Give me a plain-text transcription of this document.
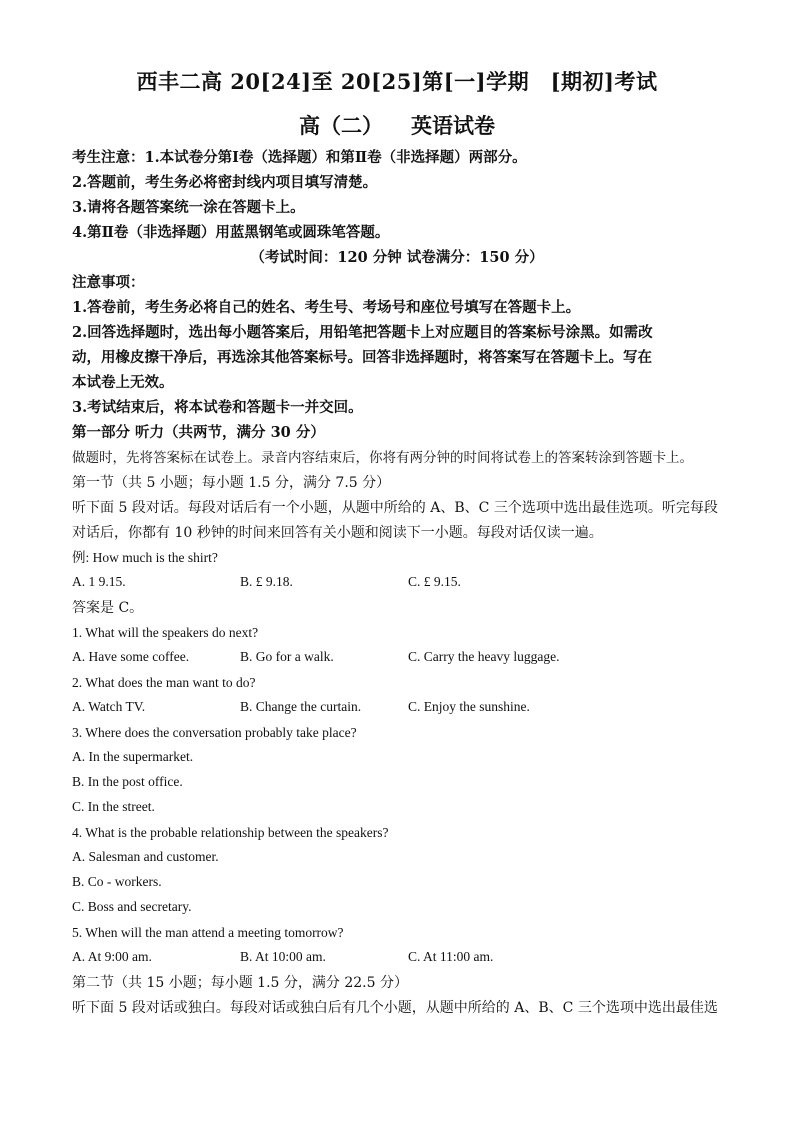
西丰二高 20[24]至 20[25]第[一]学期　[期初]考试
高（二） 英语试卷
考生注意：1.本试卷分第Ⅰ卷（选择题）和第Ⅱ卷（非选择题）两部分。
2.答题前，考生务必将密封线内项目填写清楚。
3.请将各题答案统一涂在答题卡上。
4.第Ⅱ卷（非选择题）用蓝黑钢笔或圆珠笔答题。
（考试时间：120 分钟 试卷满分：150 分）
注意事项：
1.答卷前，考生务必将自己的姓名、考生号、考场号和座位号填写在答题卡上。
2.回答选择题时，选出每小题答案后，用铅笔把答题卡上对应题目的答案标号涂黑。如需改
动，用橡皮擦干净后，再选涂其他答案标号。回答非选择题时，将答案写在答题卡上。写在
本试卷上无效。
3.考试结束后，将本试卷和答题卡一并交回。
第一部分 听力（共两节，满分 30 分）
做题时，先将答案标在试卷上。录音内容结束后，你将有两分钟的时间将试卷上的答案转涂到答题卡上。
第一节（共 5 小题；每小题 1.5 分，满分 7.5 分）
听下面 5 段对话。每段对话后有一个小题，从题中所给的 A、B、C 三个选项中选出最佳选项。听完每段
对话后，你都有 10 秒钟的时间来回答有关小题和阅读下一小题。每段对话仅读一遍。
例: How much is the shirt?
A. 1 9.15.	B. £ 9.18.	C. £ 9.15.
答案是 C。
1. What will the speakers do next?
A. Have some coffee.	B. Go for a walk.	C. Carry the heavy luggage.
2. What does the man want to do?
A. Watch TV.	B. Change the curtain.	C. Enjoy the sunshine.
3. Where does the conversation probably take place?
A. In the supermarket.
B. In the post office.
C. In the street.
4. What is the probable relationship between the speakers?
A. Salesman and customer.
B. Co - workers.
C. Boss and secretary.
5. When will the man attend a meeting tomorrow?
A. At 9:00 am.	B. At 10:00 am.	C. At 11:00 am.
第二节（共 15 小题；每小题 1.5 分，满分 22.5 分）
听下面 5 段对话或独白。每段对话或独白后有几个小题，从题中所给的 A、B、C 三个选项中选出最佳选
